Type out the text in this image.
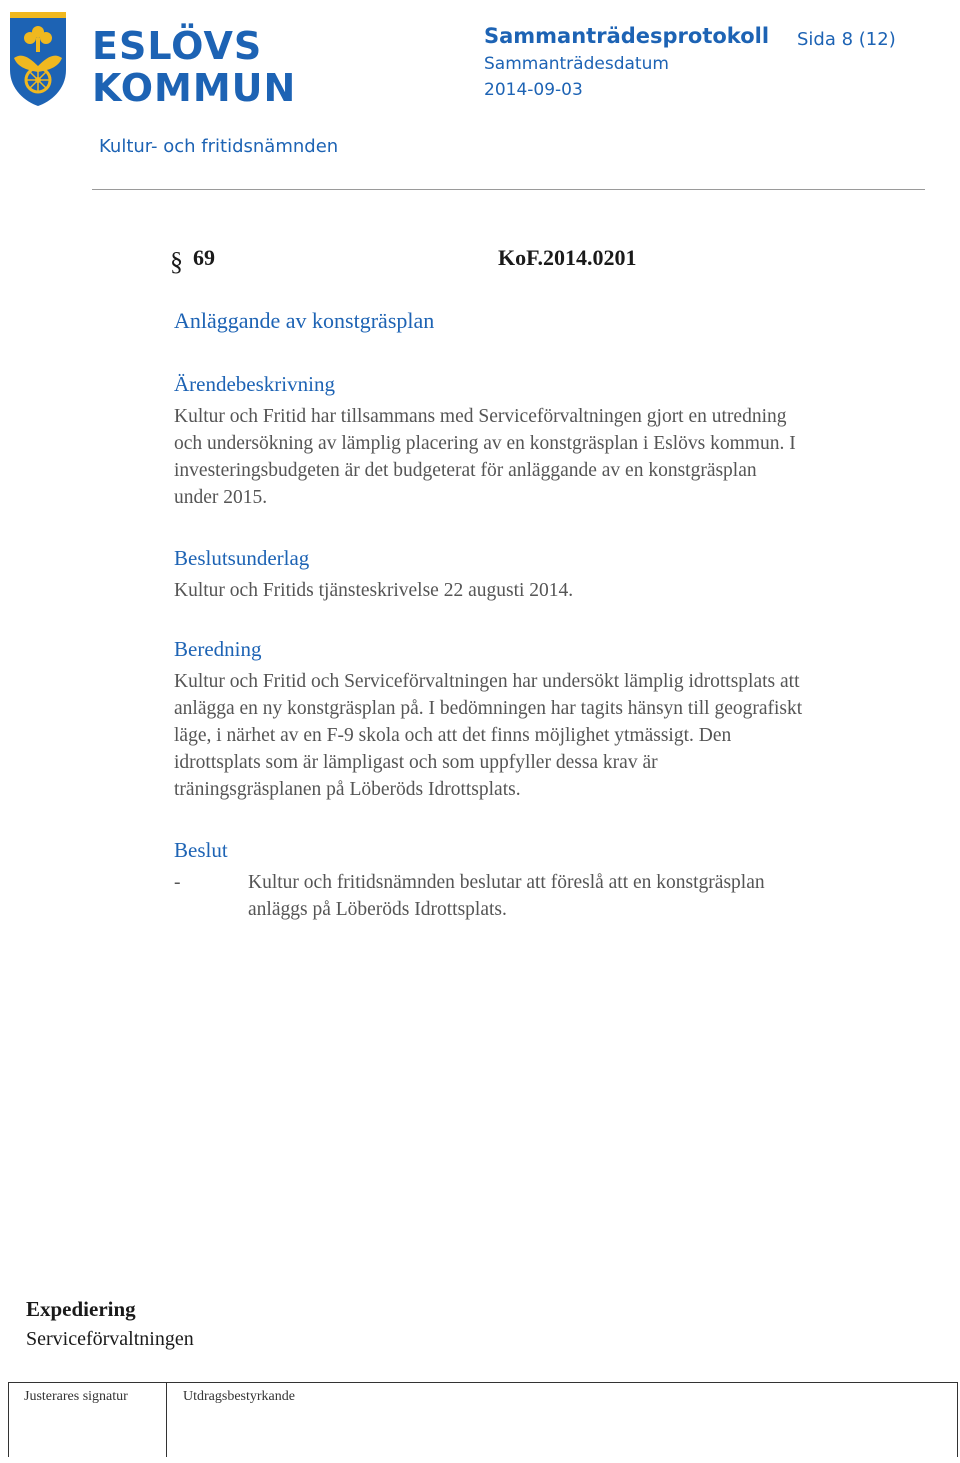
ESLÖVS
KOMMUN
Sammanträdesprotokoll Sida 8 (12)
Sammanträdesdatum
2014-09-03
Kultur- och fritidsnämnden
§ 69	KoF.2014.0201
Anläggande av konstgräsplan
Ärendebeskrivning

Kultur och Fritid har tillsammans med Serviceförvaltningen gjort en utredning

och undersökning av lämplig placering av en konstgräsplan i Eslövs kommun. I

investeringsbudgeten är det budgeterat för anläggande av en konstgräsplan

under 2015.

Beslutsunderlag
Kultur och Fritids tjänsteskrivelse 22 augusti 2014.
Beredning

Kultur och Fritid och Serviceförvaltningen har undersökt lämplig idrottsplats att

anlägga en ny konstgräsplan på. I bedömningen har tagits hänsyn till geografiskt

läge, i närhet av en F-9 skola och att det finns möjlighet ytmässigt. Den

idrottsplats som är lämpligast och som uppfyller dessa krav är

träningsgräsplanen på Löberöds Idrottsplats.

Beslut
-	Kultur och fritidsnämnden beslutar att föreslå att en konstgräsplan

anläggs på Löberöds Idrottsplats.

Expediering
Serviceförvaltningen
Justerares signatur	Utdragsbestyrkande
